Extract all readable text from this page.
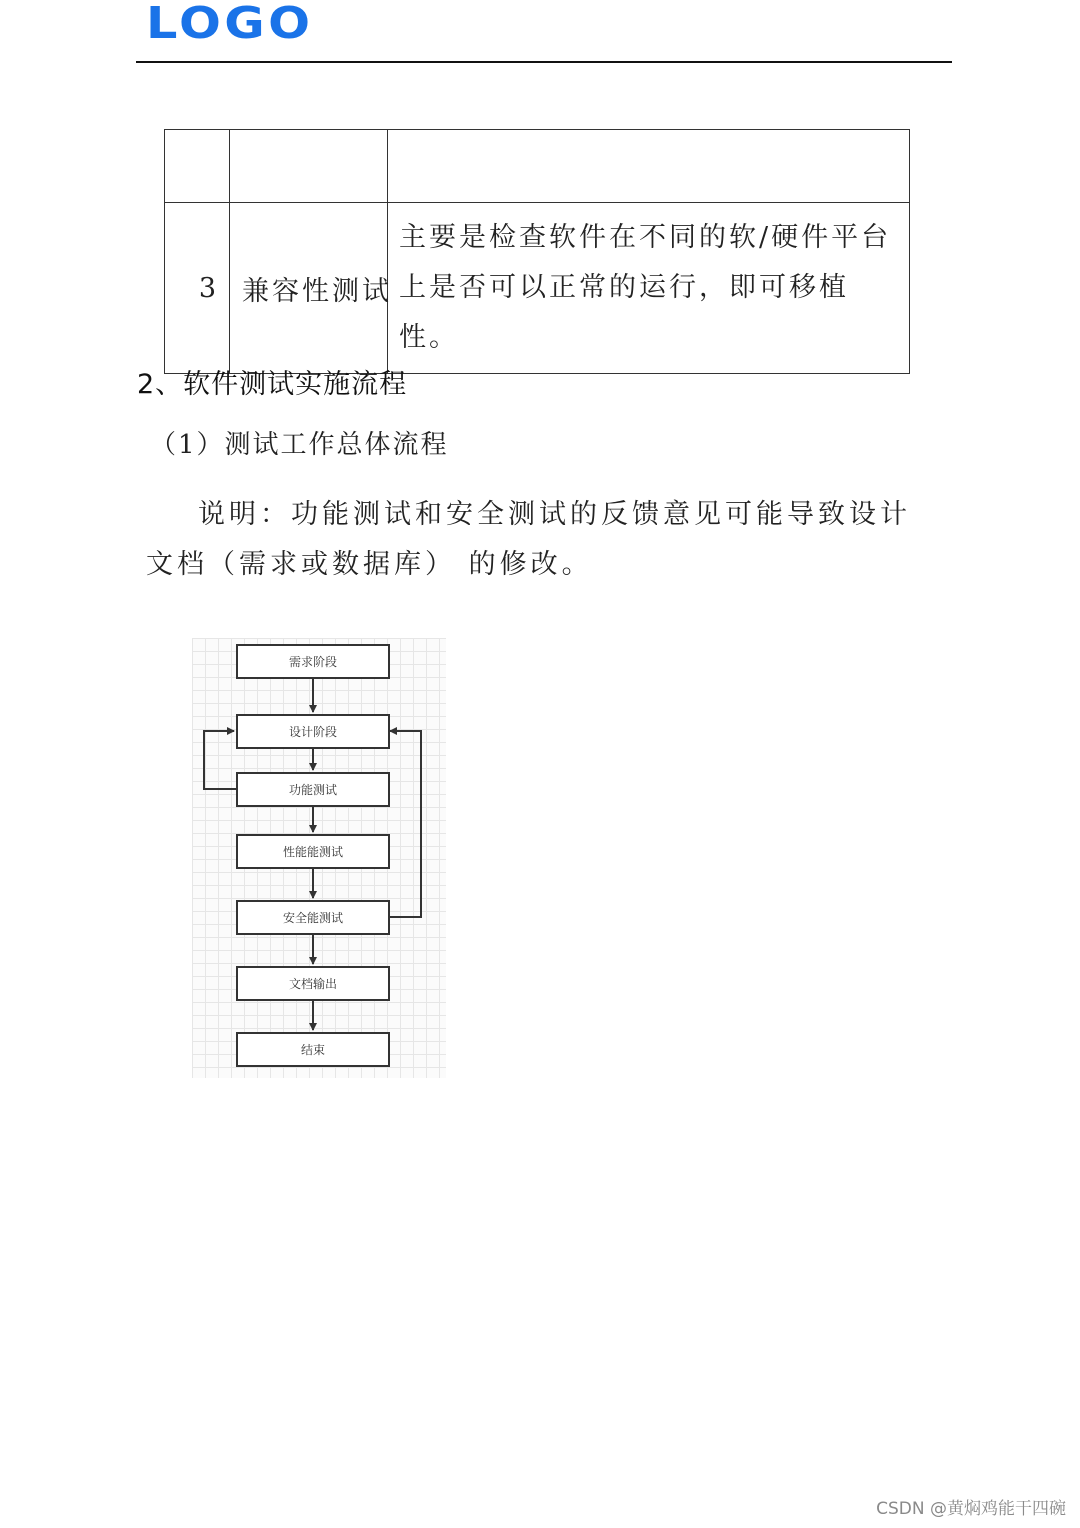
LOGO

3	兼容性测试	主要是检查软件在不同的软/硬件平台上是否可以正常的运行，即可移植性。
2、软件测试实施流程
（1）测试工作总体流程
说明：功能测试和安全测试的反馈意见可能导致设计文档（需求或数据库） 的修改。
需求阶段
设计阶段
功能测试
性能能测试
安全能测试
文档输出
结束
CSDN @黄焖鸡能干四碗
